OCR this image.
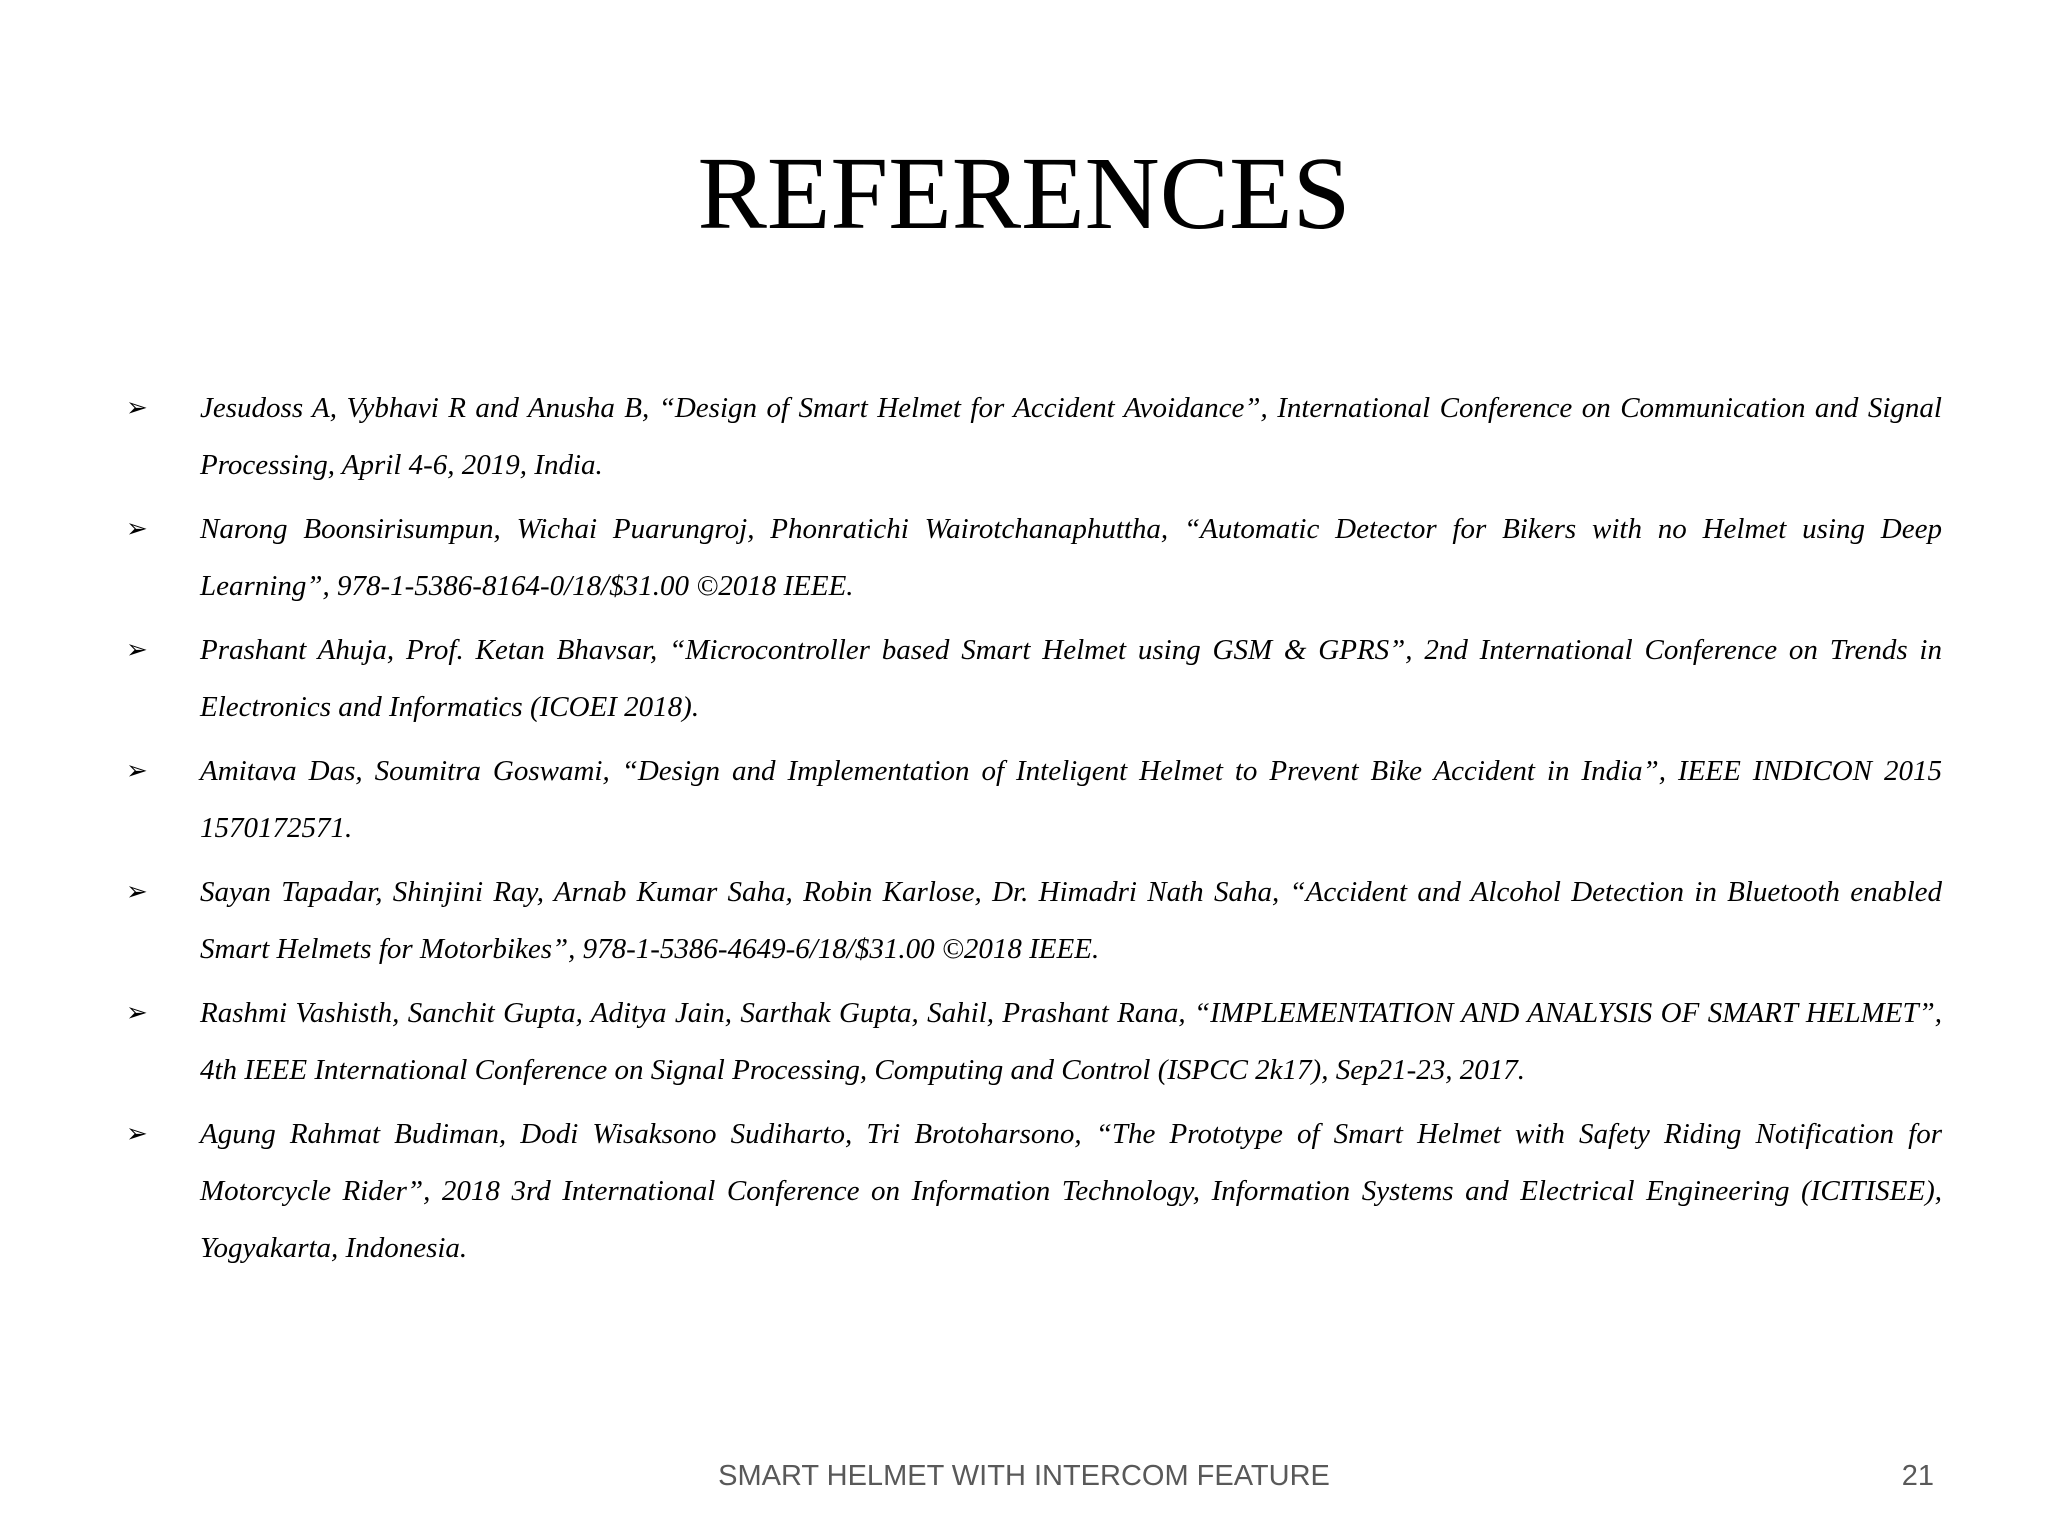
REFERENCES
➢ Jesudoss A, Vybhavi R and Anusha B, “Design of Smart Helmet for Accident Avoidance”, International Conference on Communication and Signal Processing, April 4-6, 2019, India.
➢ Narong Boonsirisumpun, Wichai Puarungroj, Phonratichi Wairotchanaphuttha, “Automatic Detector for Bikers with no Helmet using Deep Learning”, 978-1-5386-8164-0/18/$31.00 ©2018 IEEE.
➢ Prashant Ahuja, Prof. Ketan Bhavsar, “Microcontroller based Smart Helmet using GSM & GPRS”, 2nd International Conference on Trends in Electronics and Informatics (ICOEI 2018).
➢ Amitava Das, Soumitra Goswami, “Design and Implementation of Inteligent Helmet to Prevent Bike Accident in India”, IEEE INDICON 2015 1570172571.
➢ Sayan Tapadar, Shinjini Ray, Arnab Kumar Saha, Robin Karlose, Dr. Himadri Nath Saha, “Accident and Alcohol Detection in Bluetooth enabled Smart Helmets for Motorbikes”, 978-1-5386-4649-6/18/$31.00 ©2018 IEEE.
➢ Rashmi Vashisth, Sanchit Gupta, Aditya Jain, Sarthak Gupta, Sahil, Prashant Rana, “IMPLEMENTATION AND ANALYSIS OF SMART HELMET”, 4th IEEE International Conference on Signal Processing, Computing and Control (ISPCC 2k17), Sep21-23, 2017.
➢ Agung Rahmat Budiman, Dodi Wisaksono Sudiharto, Tri Brotoharsono, “The Prototype of Smart Helmet with Safety Riding Notification for Motorcycle Rider”, 2018 3rd International Conference on Information Technology, Information Systems and Electrical Engineering (ICITISEE), Yogyakarta, Indonesia.
SMART HELMET WITH INTERCOM FEATURE	21
